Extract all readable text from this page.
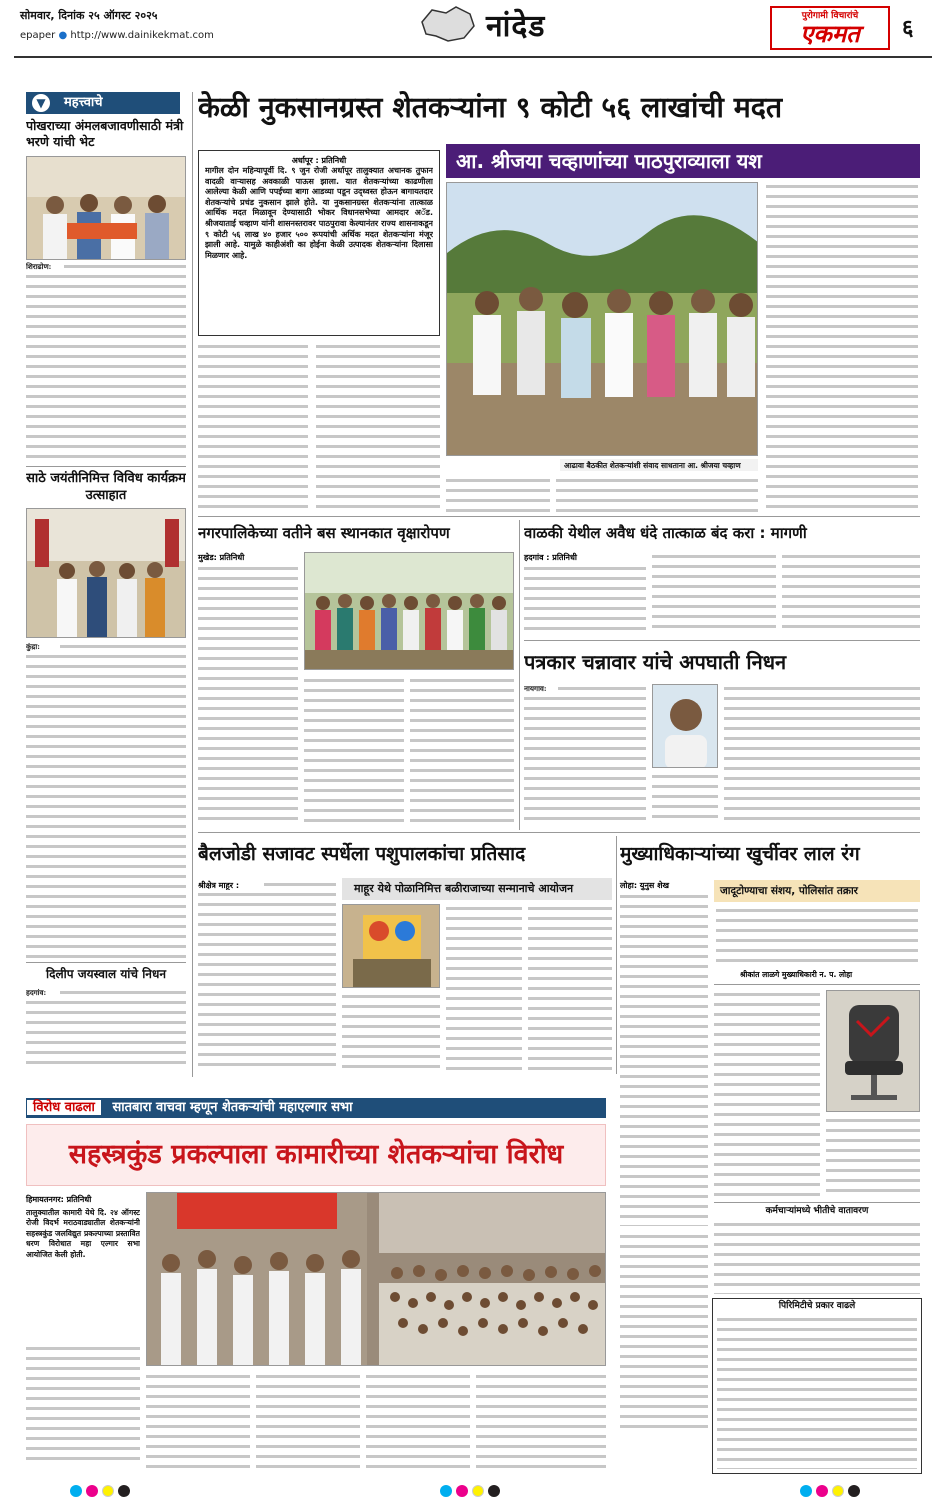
सोमवार, दिनांक २५ ऑगस्ट २०२५
epaper ● http://www.dainikekmat.com	नांदेड	पुरोगामी विचारांचे
एकमत	६
महत्त्वाचे
▼
पोखराच्या अंमलबजावणीसाठी मंत्री भरणे यांची भेट
शिराढोण:
साठे जयंतीनिमित्त विविध कार्यक्रम उत्साहात
कुंद्रा:
दिलीप जयस्वाल यांचे निधन
हदगांव:
केळी नुकसानग्रस्त शेतकऱ्यांना ९ कोटी ५६ लाखांची मदत
आ. श्रीजया चव्हाणांच्या पाठपुराव्याला यश
अर्धापूर : प्रतिनिधी
मागील दोन महिन्यापूर्वी दि. ९ जुन रोजी अर्धापूर तालुक्यात अचानक तुफान वादळी वाऱ्यासह अवकाळी पाऊस झाला. यात शेतकऱ्यांच्या काढणीला आलेल्या केळी आणि पपईच्या बागा आडव्या पडून उद्ध्वस्त होऊन बागायतदार शेतकऱ्यांचे प्रचंड नुकसान झाले होते. या नुकसानग्रस्त शेतकऱ्यांना तात्काळ आर्थिक मदत मिळावून देण्यासाठी भोकर विधानसभेच्या आमदार अॅड. श्रीजयाताई चव्हाण यांनी शासनस्तरावर पाठपुरावा केल्यानंतर राज्य शासनाकडून ९ कोटी ५६ लाख ४० हजार ५०० रूपयांची अर्थिक मदत शेतकऱ्यांना मंजूर झाली आहे. यामुळे काहीअंशी का होईना केळी उत्पादक शेतकऱ्यांना दिलासा मिळणार आहे.
आढावा बैठकीत शेतकऱ्यांशी संवाद साधताना आ. श्रीजया चव्हाण
नगरपालिकेच्या वतीने बस स्थानकात वृक्षारोपण
मुखेड: प्रतिनिधी
वाळकी येथील अवैध धंदे तात्काळ बंद करा : मागणी
हदगांव : प्रतिनिधी
पत्रकार चन्नावार यांचे अपघाती निधन
नायगाव:
बैलजोडी सजावट स्पर्धेला पशुपालकांचा प्रतिसाद
श्रीक्षेत्र माहूर :	माहूर येथे पोळानिमित्त बळीराजाच्या सन्मानाचे आयोजन
मुख्याधिकाऱ्यांच्या खुर्चीवर लाल रंग
लोहा: युनुस शेख	जादूटोण्याचा संशय, पोलिसांत तक्रार
श्रीकांत लाळगे मुख्याधिकारी न. प. लोहा
कर्मचाऱ्यांमध्ये भीतीचे वातावरण
पिरिमिटीचे प्रकार वाढले
विरोध वाढला सातबारा वाचवा म्हणून शेतकऱ्यांची महाएल्गार सभा
सहस्त्रकुंड प्रकल्पाला कामारीच्या शेतकऱ्यांचा विरोध
हिमायतनगर: प्रतिनिधी
तालुक्यातील कामारी येथे दि. २४ ऑगस्ट रोजी विदर्भ मराठवाड्यातील शेतकऱ्यांनी सहस्त्रकुंड जलविद्युत प्रकल्पाच्या प्रस्तावित धरण विरोधात महा एल्गार सभा आयोजित केली होती.
